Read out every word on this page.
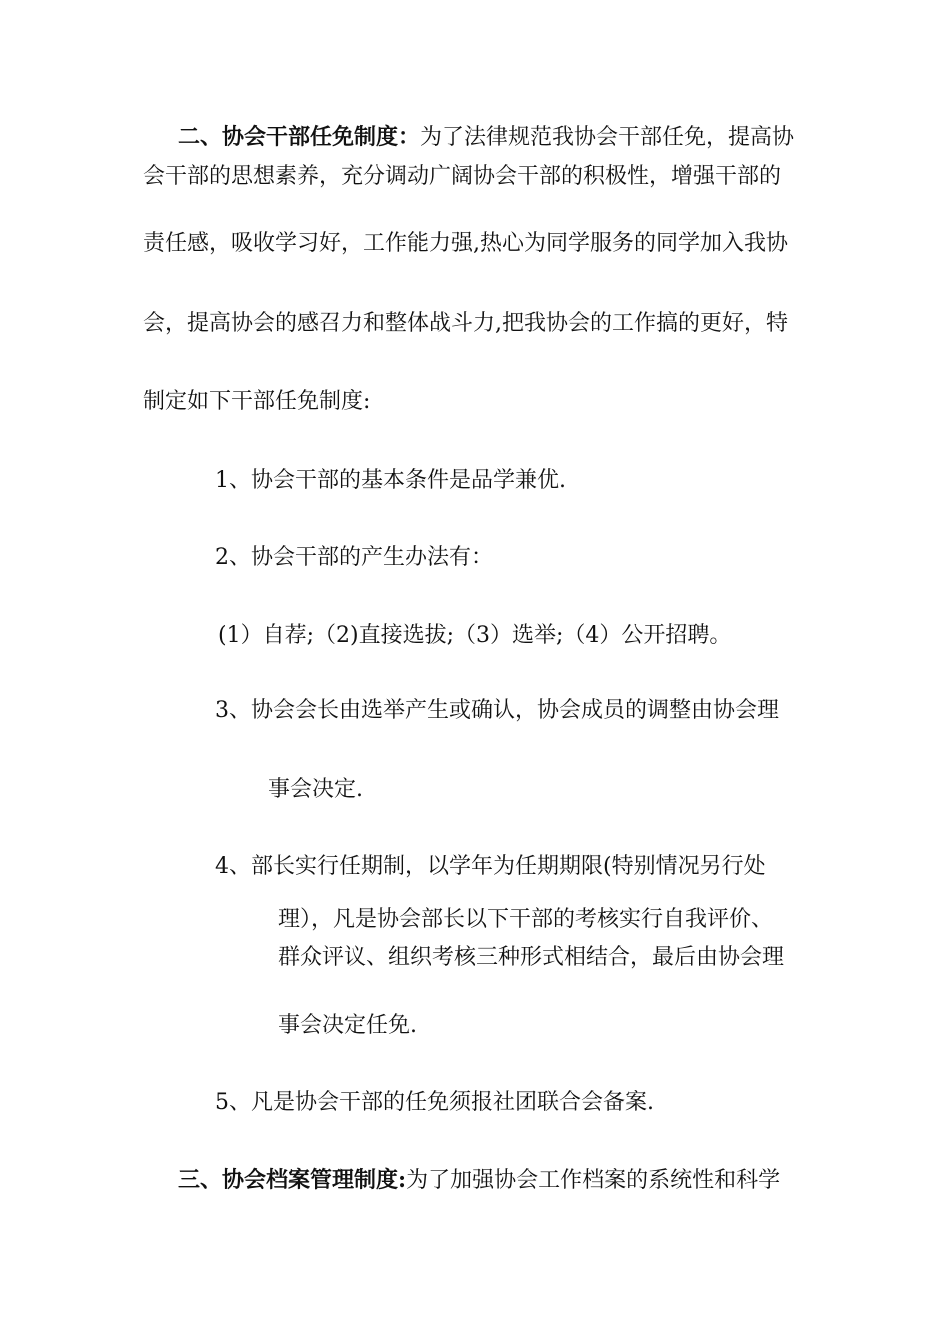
二、协会干部任免制度：为了法律规范我协会干部任免，提高协
会干部的思想素养，充分调动广阔协会干部的积极性，增强干部的
责任感，吸收学习好，工作能力强,热心为同学服务的同学加入我协
会，提高协会的感召力和整体战斗力,把我协会的工作搞的更好，特
制定如下干部任免制度:
1、协会干部的基本条件是品学兼优.
2、协会干部的产生办法有：
(1）自荐;（2)直接选拔;（3）选举;（4）公开招聘。
3、协会会长由选举产生或确认，协会成员的调整由协会理
事会决定.
4、部长实行任期制，以学年为任期期限(特别情况另行处
理），凡是协会部长以下干部的考核实行自我评价、
群众评议、组织考核三种形式相结合，最后由协会理
事会决定任免.
5、凡是协会干部的任免须报社团联合会备案.
三、协会档案管理制度:为了加强协会工作档案的系统性和科学
